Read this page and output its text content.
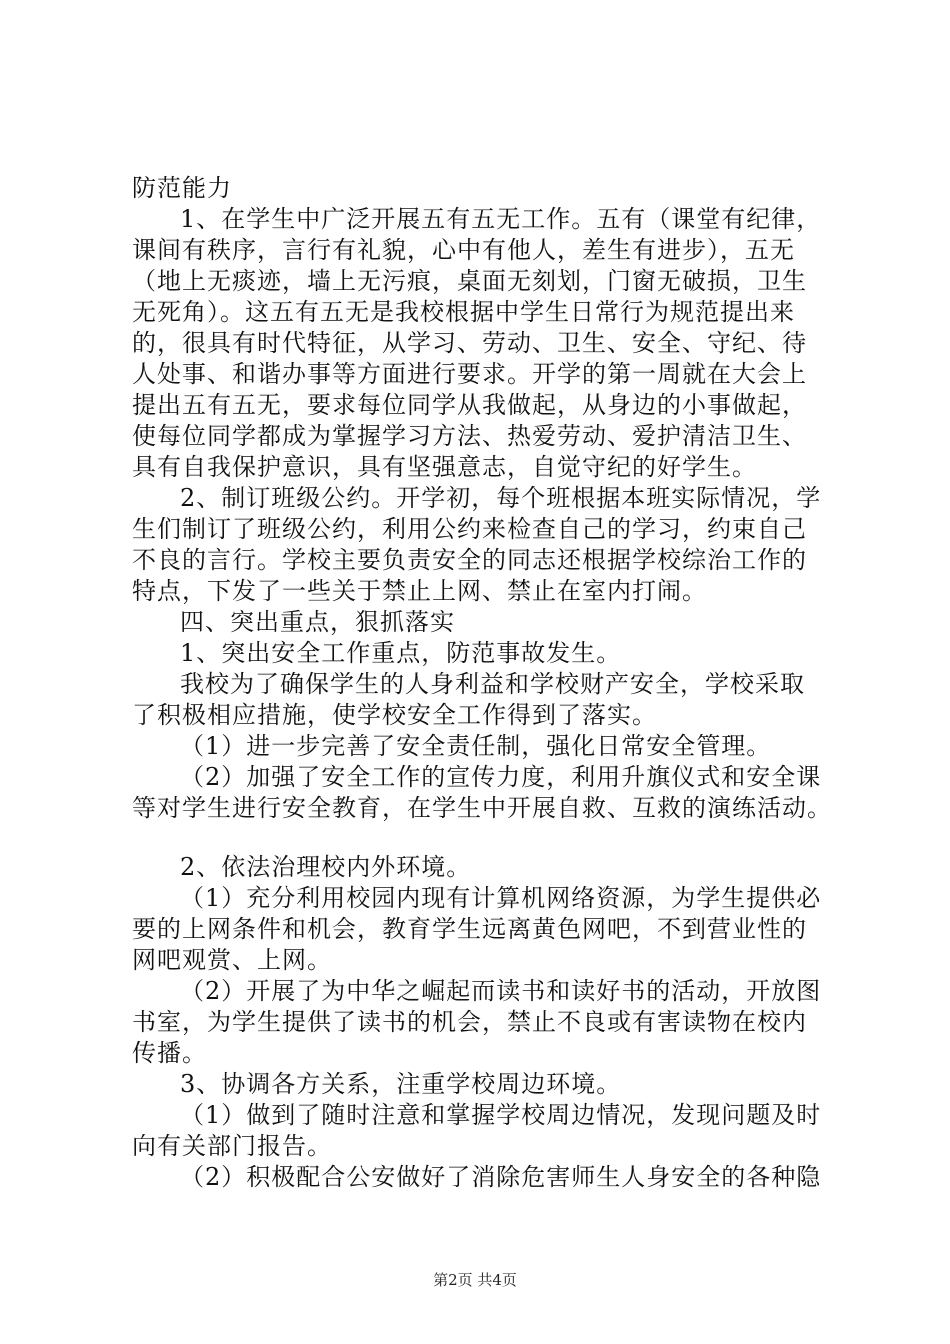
防范能力
1、在学生中广泛开展五有五无工作。五有（课堂有纪律，
课间有秩序，言行有礼貌，心中有他人，差生有进步），五无
（地上无痰迹，墙上无污痕，桌面无刻划，门窗无破损，卫生
无死角）。这五有五无是我校根据中学生日常行为规范提出来
的，很具有时代特征，从学习、劳动、卫生、安全、守纪、待
人处事、和谐办事等方面进行要求。开学的第一周就在大会上
提出五有五无，要求每位同学从我做起，从身边的小事做起，
使每位同学都成为掌握学习方法、热爱劳动、爱护清洁卫生、
具有自我保护意识，具有坚强意志，自觉守纪的好学生。
2、制订班级公约。开学初，每个班根据本班实际情况，学
生们制订了班级公约，利用公约来检查自己的学习，约束自己
不良的言行。学校主要负责安全的同志还根据学校综治工作的
特点，下发了一些关于禁止上网、禁止在室内打闹。
四、突出重点，狠抓落实
1、突出安全工作重点，防范事故发生。
我校为了确保学生的人身利益和学校财产安全，学校采取
了积极相应措施，使学校安全工作得到了落实。
（1）进一步完善了安全责任制，强化日常安全管理。
（2）加强了安全工作的宣传力度，利用升旗仪式和安全课
等对学生进行安全教育，在学生中开展自救、互救的演练活动。
2、依法治理校内外环境。
（1）充分利用校园内现有计算机网络资源，为学生提供必
要的上网条件和机会，教育学生远离黄色网吧，不到营业性的
网吧观赏、上网。
（2）开展了为中华之崛起而读书和读好书的活动，开放图
书室，为学生提供了读书的机会，禁止不良或有害读物在校内
传播。
3、协调各方关系，注重学校周边环境。
（1）做到了随时注意和掌握学校周边情况，发现问题及时
向有关部门报告。
（2）积极配合公安做好了消除危害师生人身安全的各种隐
第2页 共4页
